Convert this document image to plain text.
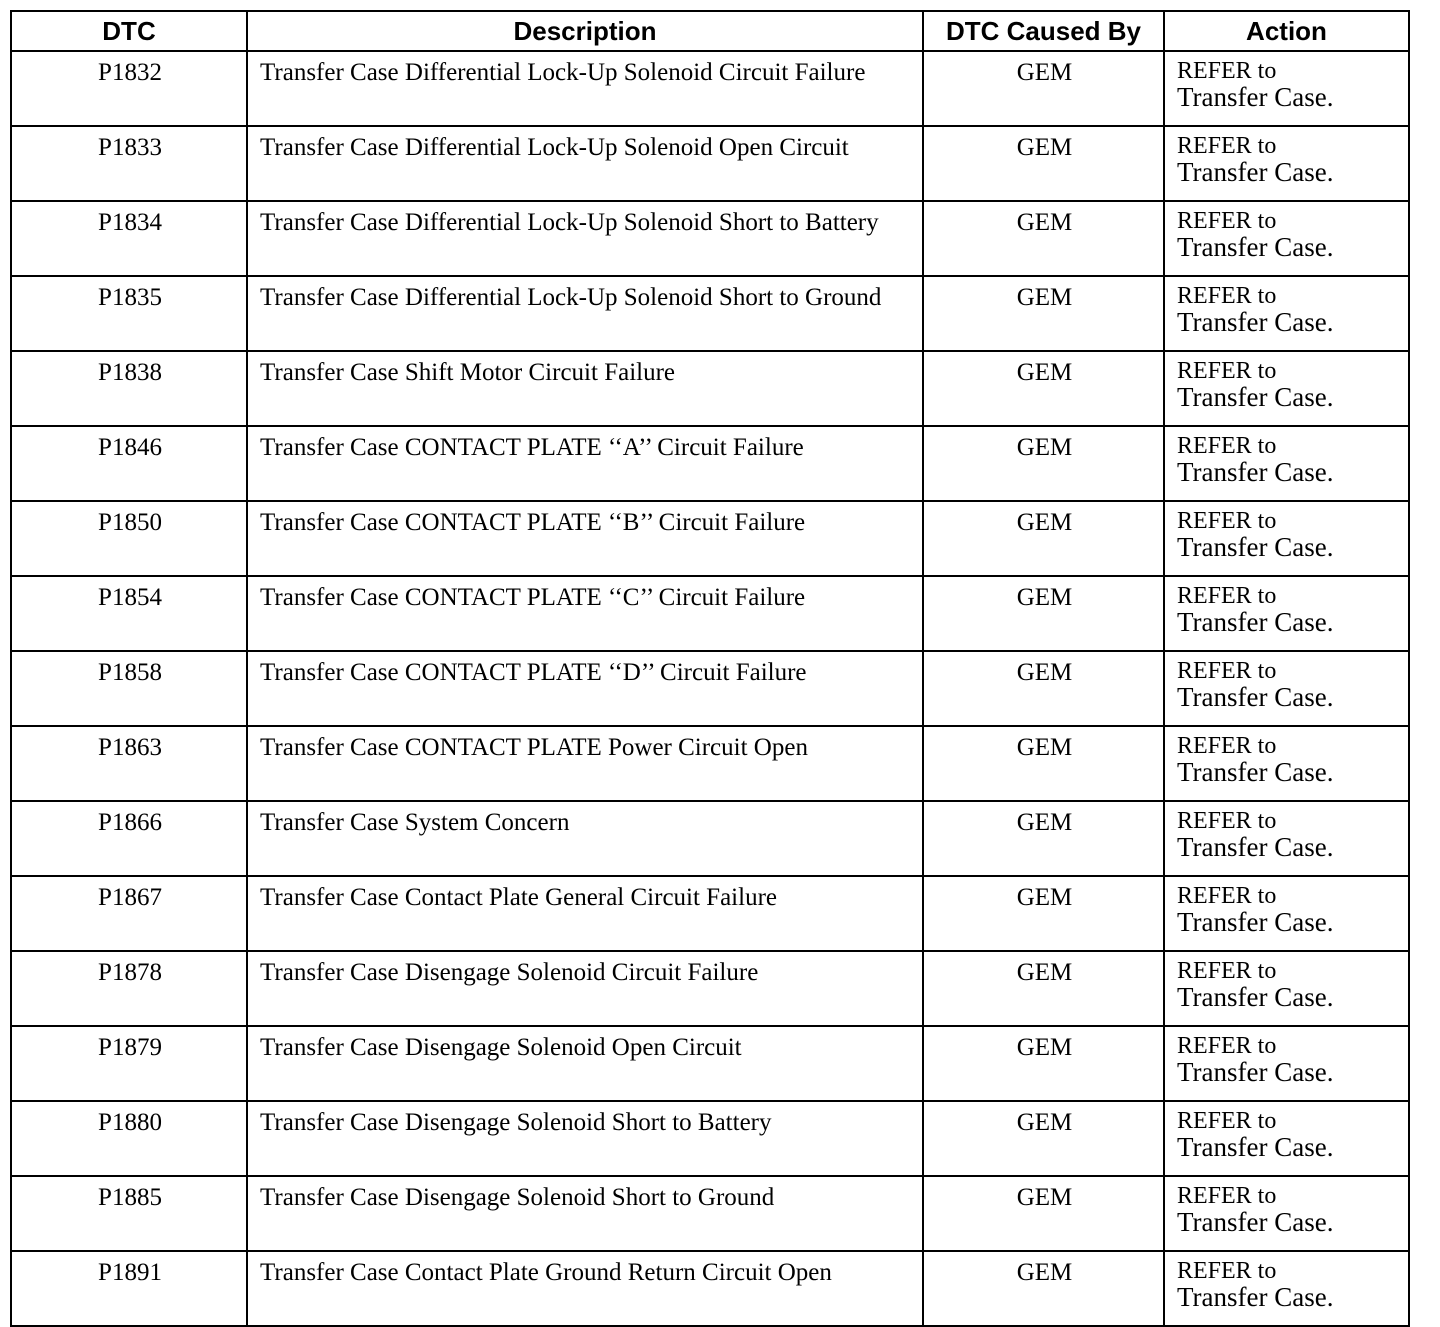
DTC	Description	DTC Caused By	Action
P1832	Transfer Case Differential Lock-Up Solenoid Circuit Failure	GEM	REFER to
Transfer Case.

P1833	Transfer Case Differential Lock-Up Solenoid Open Circuit	GEM	REFER to
Transfer Case.

P1834	Transfer Case Differential Lock-Up Solenoid Short to Battery	GEM	REFER to
Transfer Case.

P1835	Transfer Case Differential Lock-Up Solenoid Short to Ground	GEM	REFER to
Transfer Case.

P1838	Transfer Case Shift Motor Circuit Failure	GEM	REFER to
Transfer Case.

P1846	Transfer Case CONTACT PLATE ‘‘A’’ Circuit Failure	GEM	REFER to
Transfer Case.

P1850	Transfer Case CONTACT PLATE ‘‘B’’ Circuit Failure	GEM	REFER to
Transfer Case.

P1854	Transfer Case CONTACT PLATE ‘‘C’’ Circuit Failure	GEM	REFER to
Transfer Case.

P1858	Transfer Case CONTACT PLATE ‘‘D’’ Circuit Failure	GEM	REFER to
Transfer Case.

P1863	Transfer Case CONTACT PLATE Power Circuit Open	GEM	REFER to
Transfer Case.

P1866	Transfer Case System Concern	GEM	REFER to
Transfer Case.

P1867	Transfer Case Contact Plate General Circuit Failure	GEM	REFER to
Transfer Case.

P1878	Transfer Case Disengage Solenoid Circuit Failure	GEM	REFER to
Transfer Case.

P1879	Transfer Case Disengage Solenoid Open Circuit	GEM	REFER to
Transfer Case.

P1880	Transfer Case Disengage Solenoid Short to Battery	GEM	REFER to
Transfer Case.

P1885	Transfer Case Disengage Solenoid Short to Ground	GEM	REFER to
Transfer Case.

P1891	Transfer Case Contact Plate Ground Return Circuit Open	GEM	REFER to
Transfer Case.
